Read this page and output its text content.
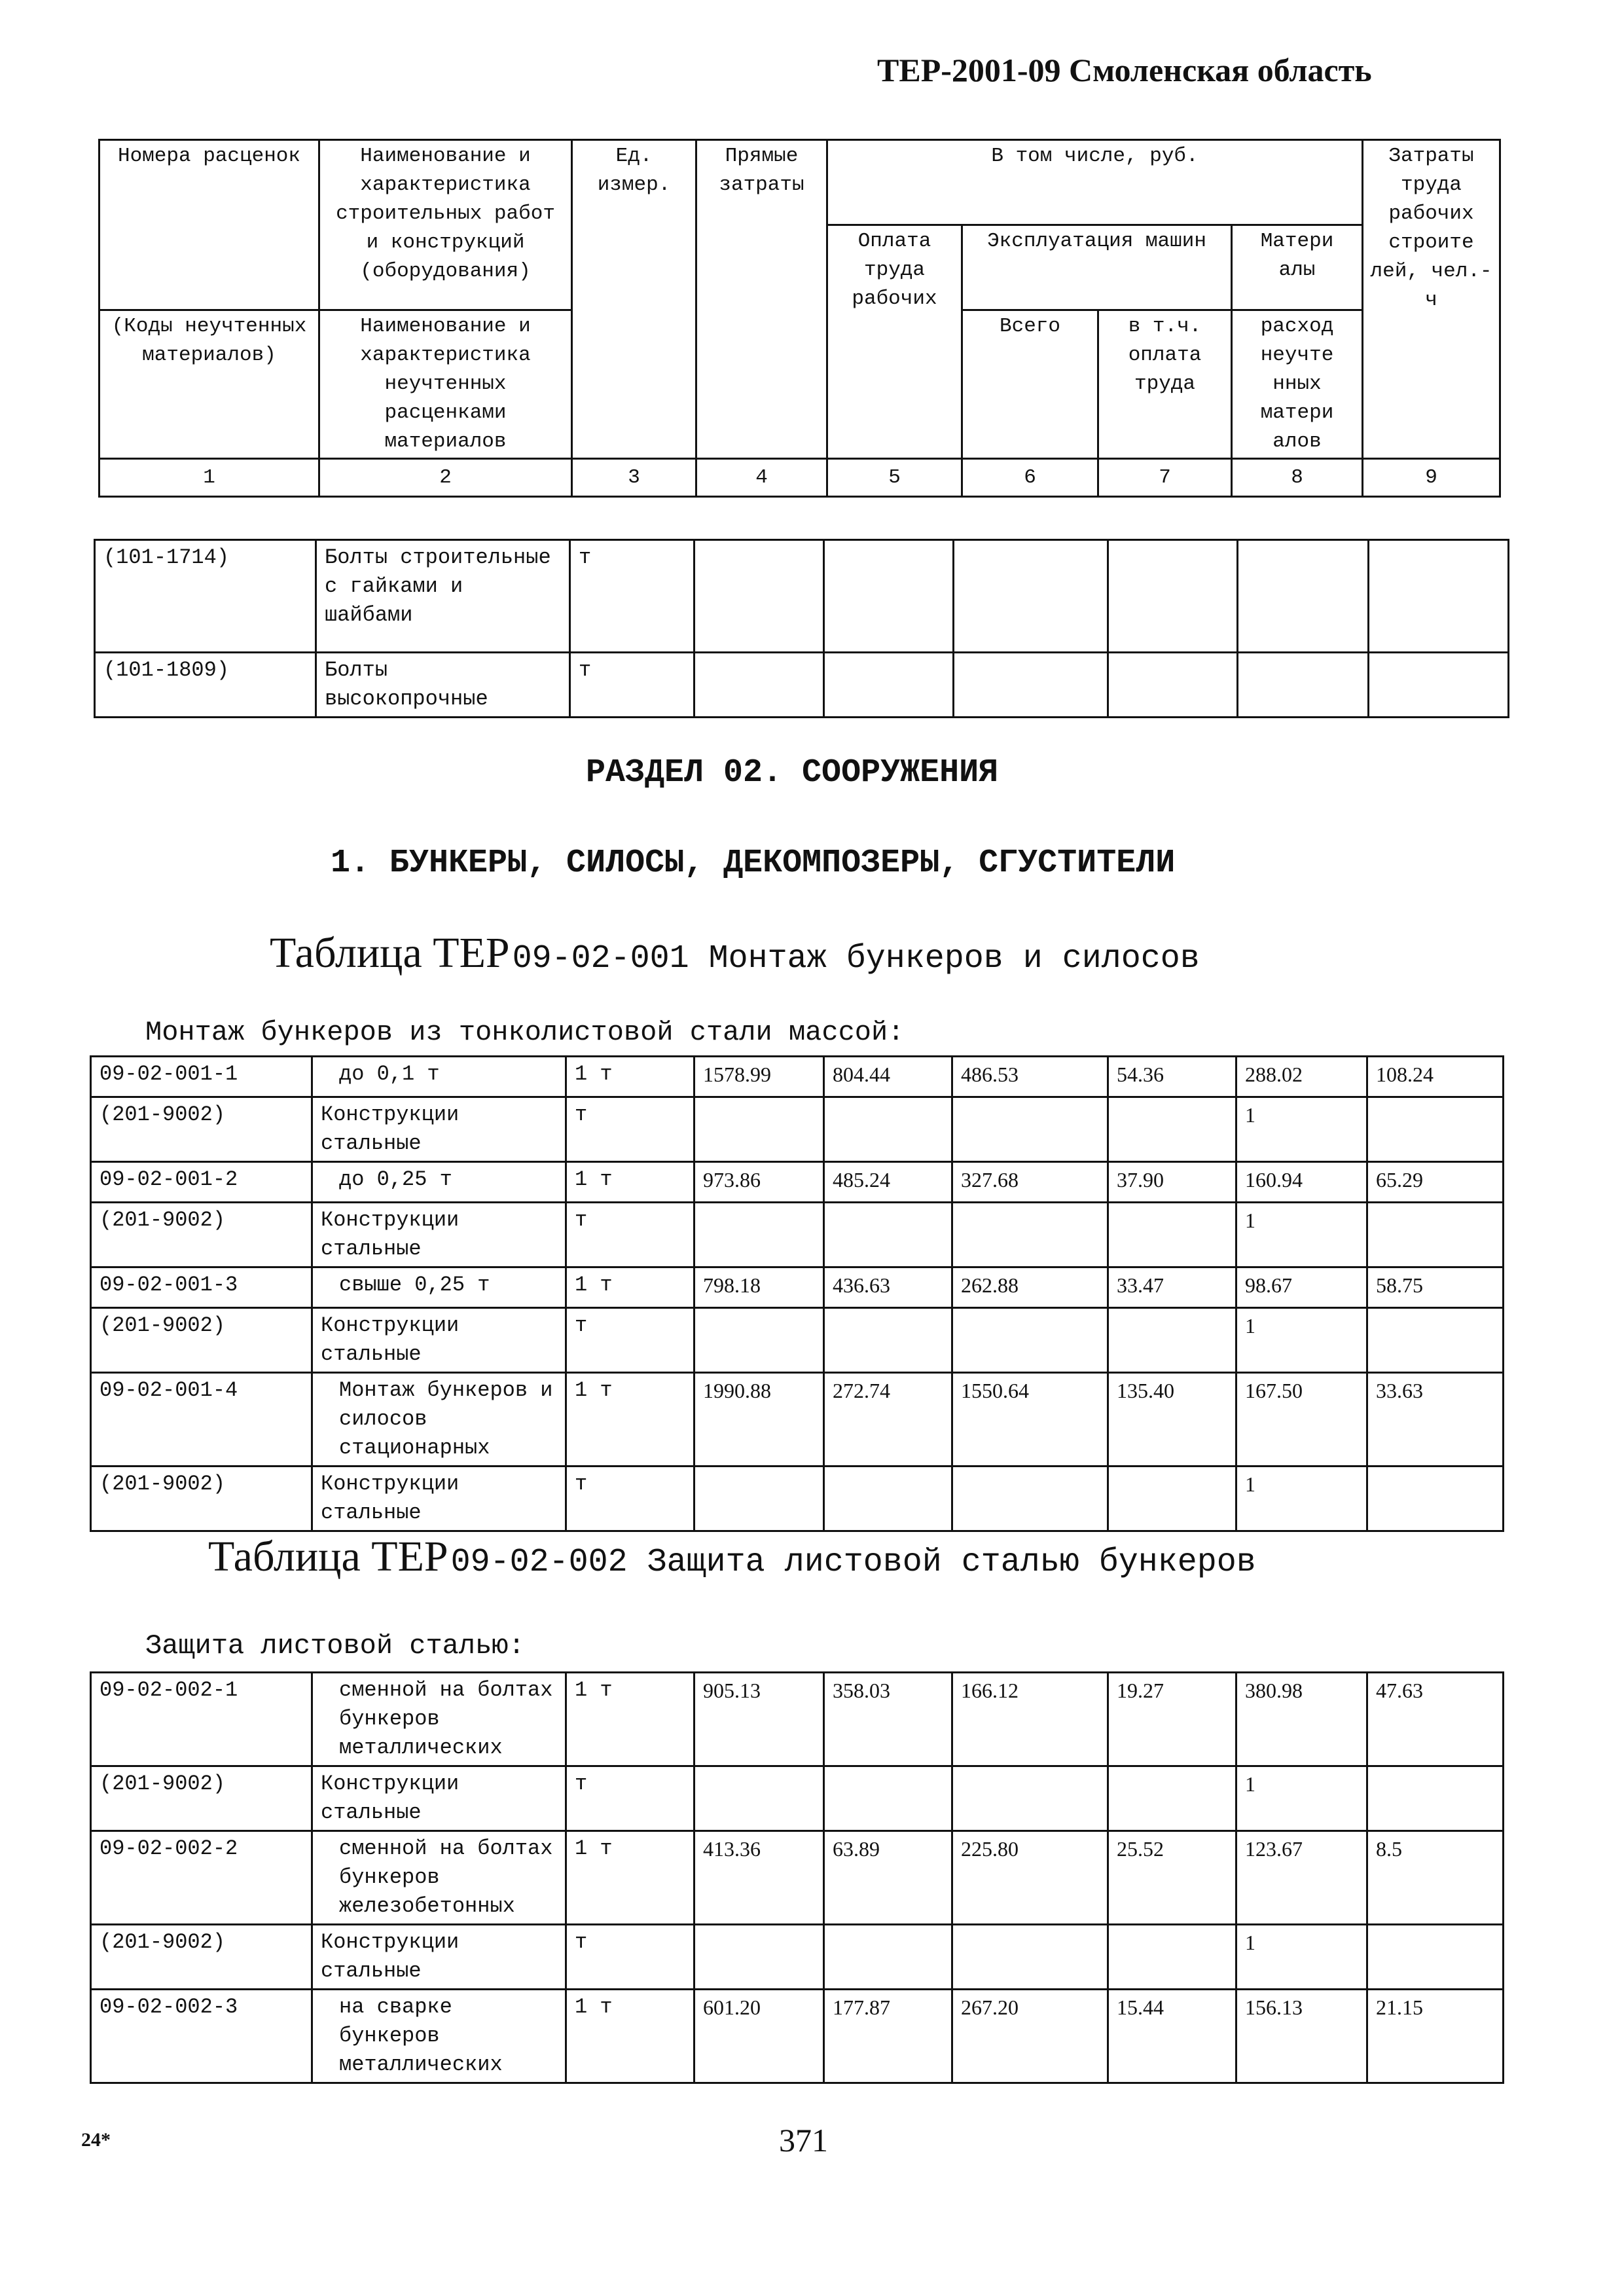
ТЕР-2001-09 Смоленская область
Номера расценок	Наименование и характеристика строительных работ и конструкций (оборудования)	Ед. измер.	Прямые затраты	В том числе, руб.				Затраты труда рабочих строите лей, чел.-ч
				Оплата труда рабочих	Эксплуатация машин		Матери алы	
(Коды неучтенных материалов)	Наименование и характеристика неучтенных расценками материалов				Всего	в т.ч. оплата труда	расход неучте нных матери алов	
1	2	3	4	5	6	7	8	9
(101-1714)	Болты строительные с гайками и шайбами	т						
(101-1809)	Болты высокопрочные	т						
РАЗДЕЛ 02. СООРУЖЕНИЯ
1. БУНКЕРЫ, СИЛОСЫ, ДЕКОМПОЗЕРЫ, СГУСТИТЕЛИ
Таблица ТЕР 09-02-001 Монтаж бункеров и силосов
Монтаж бункеров из тонколистовой стали массой:
09-02-001-1	до 0,1 т	1 т	1578.99	804.44	486.53	54.36	288.02	108.24
(201-9002)	Конструкции стальные	т					1	
09-02-001-2	до 0,25 т	1 т	973.86	485.24	327.68	37.90	160.94	65.29
(201-9002)	Конструкции стальные	т					1	
09-02-001-3	свыше 0,25 т	1 т	798.18	436.63	262.88	33.47	98.67	58.75
(201-9002)	Конструкции стальные	т					1	
09-02-001-4	Монтаж бункеров и силосов стационарных	1 т	1990.88	272.74	1550.64	135.40	167.50	33.63
(201-9002)	Конструкции стальные	т					1	
Таблица ТЕР 09-02-002 Защита листовой сталью бункеров
Защита листовой сталью:
09-02-002-1	сменной на болтах бункеров металлических	1 т	905.13	358.03	166.12	19.27	380.98	47.63
(201-9002)	Конструкции стальные	т					1	
09-02-002-2	сменной на болтах бункеров железобетонных	1 т	413.36	63.89	225.80	25.52	123.67	8.5
(201-9002)	Конструкции стальные	т					1	
09-02-002-3	на сварке бункеров металлических	1 т	601.20	177.87	267.20	15.44	156.13	21.15
24*	371
